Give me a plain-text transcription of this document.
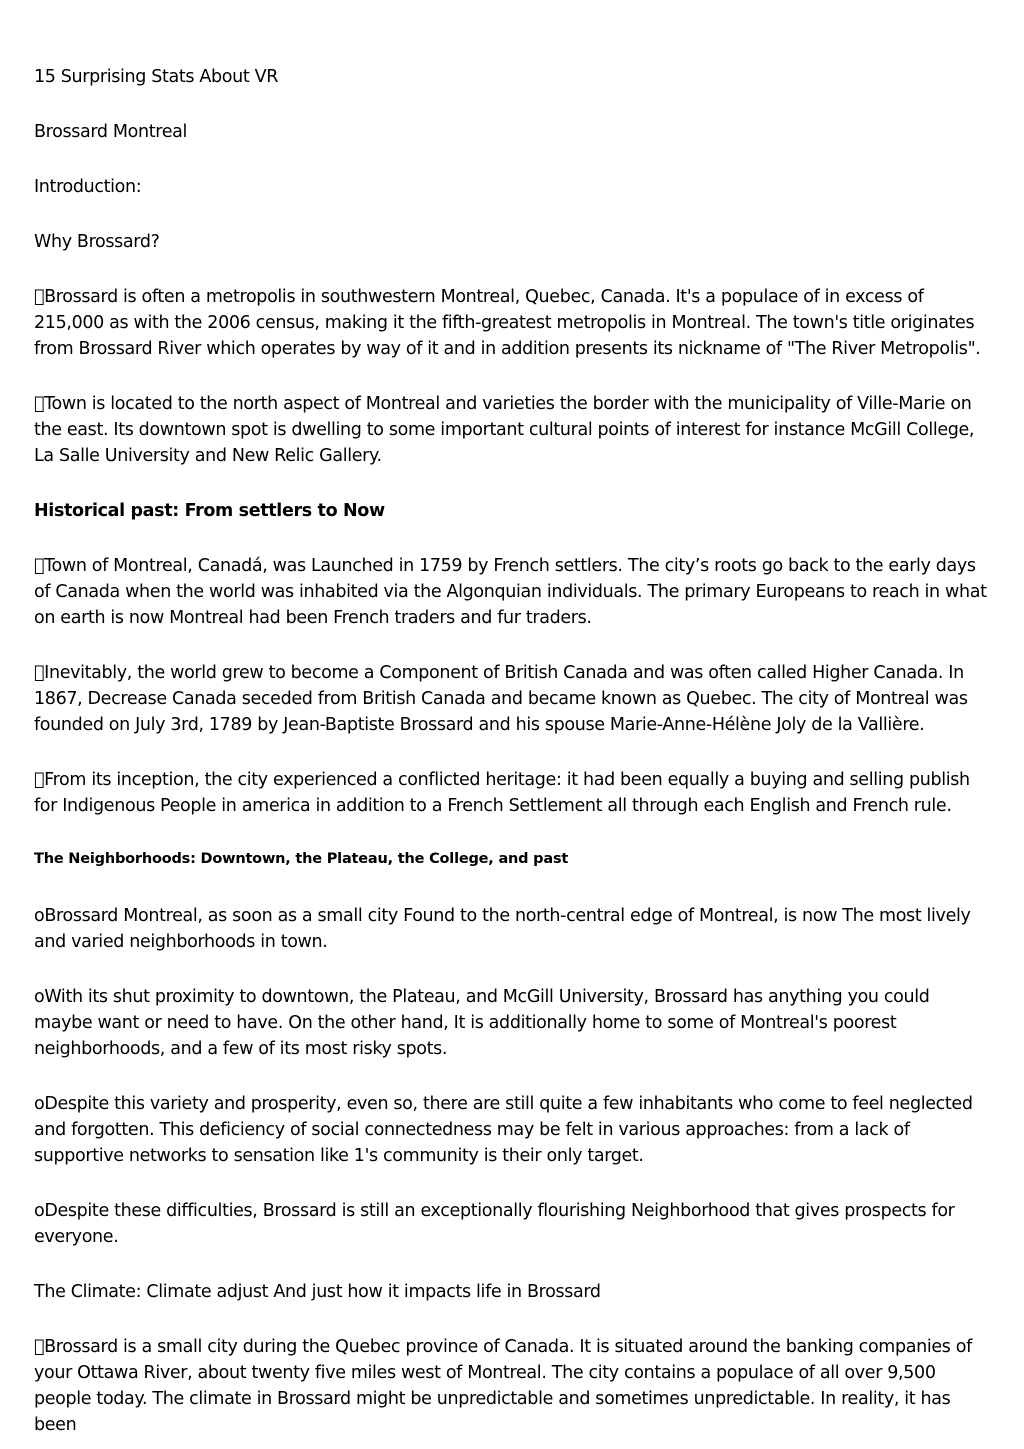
15 Surprising Stats About VR

Brossard Montreal

Introduction:

Why Brossard?

Brossard is often a metropolis in southwestern Montreal, Quebec, Canada. It's a populace of in excess of 215,000 as with the 2006 census, making it the fifth-greatest metropolis in Montreal. The town's title originates from Brossard River which operates by way of it and in addition presents its nickname of "The River Metropolis".

Town is located to the north aspect of Montreal and varieties the border with the municipality of Ville-Marie on the east. Its downtown spot is dwelling to some important cultural points of interest for instance McGill College, La Salle University and New Relic Gallery.

Historical past: From settlers to Now

Town of Montreal, Canadá, was Launched in 1759 by French settlers. The city’s roots go back to the early days of Canada when the world was inhabited via the Algonquian individuals. The primary Europeans to reach in what on earth is now Montreal had been French traders and fur traders.

Inevitably, the world grew to become a Component of British Canada and was often called Higher Canada. In 1867, Decrease Canada seceded from British Canada and became known as Quebec. The city of Montreal was founded on July 3rd, 1789 by Jean-Baptiste Brossard and his spouse Marie-Anne-Hélène Joly de la Vallière.

From its inception, the city experienced a conflicted heritage: it had been equally a buying and selling publish for Indigenous People in america in addition to a French Settlement all through each English and French rule.

The Neighborhoods: Downtown, the Plateau, the College, and past

oBrossard Montreal, as soon as a small city Found to the north-central edge of Montreal, is now The most lively and varied neighborhoods in town.

oWith its shut proximity to downtown, the Plateau, and McGill University, Brossard has anything you could maybe want or need to have. On the other hand, It is additionally home to some of Montreal's poorest neighborhoods, and a few of its most risky spots.

oDespite this variety and prosperity, even so, there are still quite a few inhabitants who come to feel neglected and forgotten. This deficiency of social connectedness may be felt in various approaches: from a lack of supportive networks to sensation like 1's community is their only target.

oDespite these difficulties, Brossard is still an exceptionally flourishing Neighborhood that gives prospects for everyone.

The Climate: Climate adjust And just how it impacts life in Brossard

Brossard is a small city during the Quebec province of Canada. It is situated around the banking companies of your Ottawa River, about twenty five miles west of Montreal. The city contains a populace of all over 9,500 people today. The climate in Brossard might be unpredictable and sometimes unpredictable. In reality, it has been
